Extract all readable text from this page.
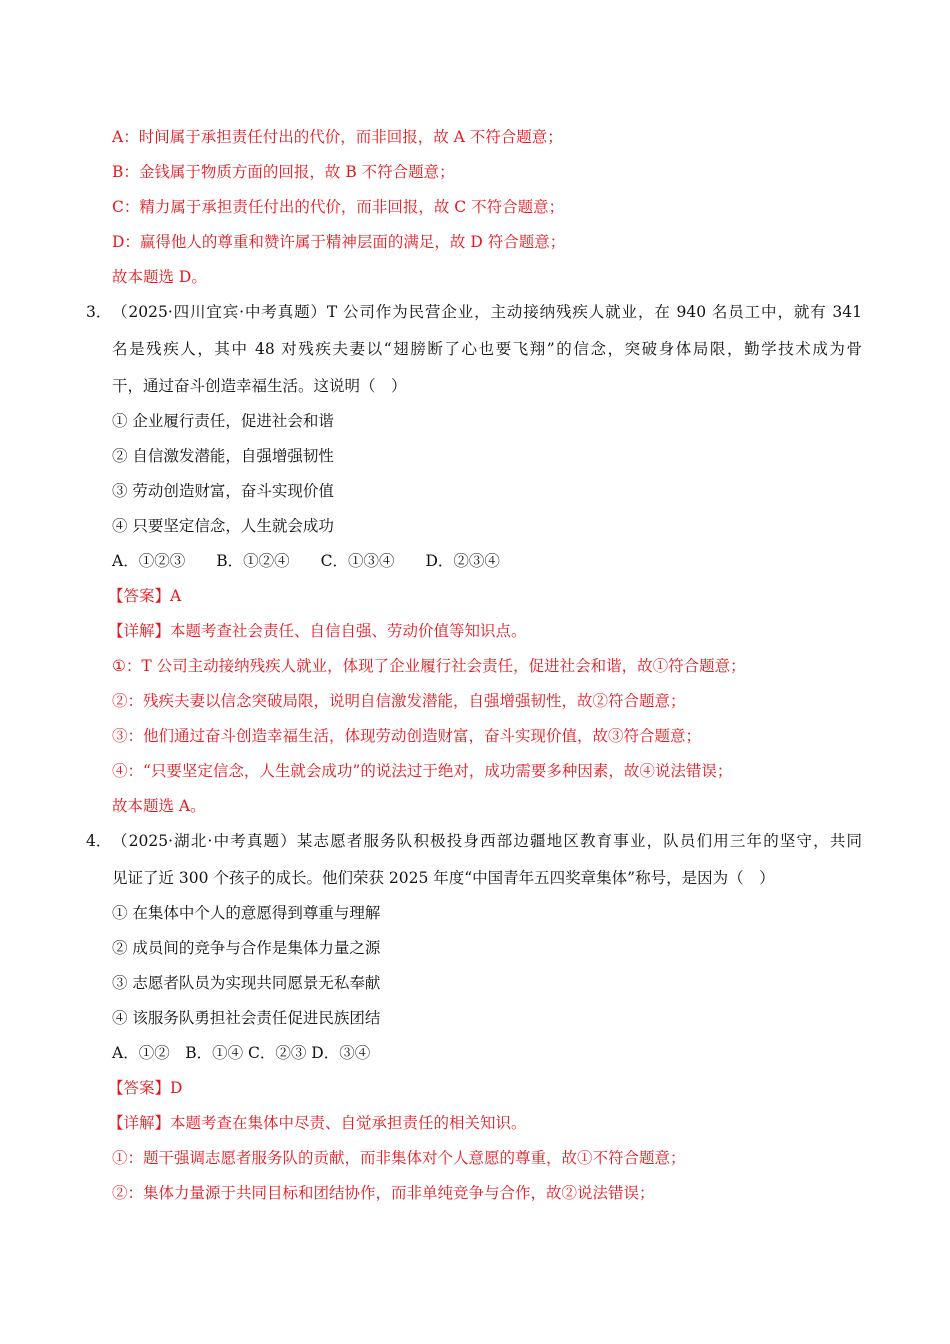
A：时间属于承担责任付出的代价，而非回报，故 A 不符合题意；
B：金钱属于物质方面的回报，故 B 不符合题意；
C：精力属于承担责任付出的代价，而非回报，故 C 不符合题意；
D：赢得他人的尊重和赞许属于精神层面的满足，故 D 符合题意；
故本题选 D。
3． （2025·四川宜宾·中考真题）T 公司作为民营企业，主动接纳残疾人就业，在 940 名员工中，就有 341
名是残疾人，其中 48 对残疾夫妻以“翅膀断了心也要飞翔”的信念，突破身体局限，勤学技术成为骨
干，通过奋斗创造幸福生活。这说明（　）
① 企业履行责任，促进社会和谐
② 自信激发潜能，自强增强韧性
③ 劳动创造财富，奋斗实现价值
④ 只要坚定信念，人生就会成功
A．①②③　　B．①②④　　C．①③④　　D．②③④
【答案】A
【详解】本题考查社会责任、自信自强、劳动价值等知识点。
①：T 公司主动接纳残疾人就业，体现了企业履行社会责任，促进社会和谐，故①符合题意；
②：残疾夫妻以信念突破局限，说明自信激发潜能，自强增强韧性，故②符合题意；
③：他们通过奋斗创造幸福生活，体现劳动创造财富，奋斗实现价值，故③符合题意；
④：“只要坚定信念，人生就会成功”的说法过于绝对，成功需要多种因素，故④说法错误；
故本题选 A。
4． （2025·湖北·中考真题）某志愿者服务队积极投身西部边疆地区教育事业，队员们用三年的坚守，共同
见证了近 300 个孩子的成长。他们荣获 2025 年度“中国青年五四奖章集体”称号，是因为（　）
① 在集体中个人的意愿得到尊重与理解
② 成员间的竞争与合作是集体力量之源
③ 志愿者队员为实现共同愿景无私奉献
④ 该服务队勇担社会责任促进民族团结
A．①②　B．①④ C．②③ D．③④
【答案】D
【详解】本题考查在集体中尽责、自觉承担责任的相关知识。
①：题干强调志愿者服务队的贡献，而非集体对个人意愿的尊重，故①不符合题意；
②：集体力量源于共同目标和团结协作，而非单纯竞争与合作，故②说法错误；
